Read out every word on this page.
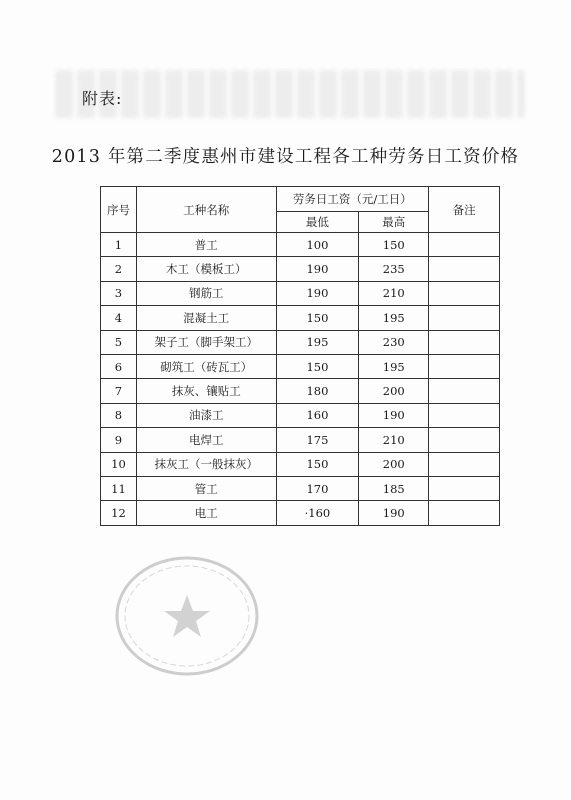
附表:
2013 年第二季度惠州市建设工程各工种劳务日工资价格
序号	工种名称	劳务日工资（元/工日）		备注
		最低	最高	
1	普工	100	150	
2	木工（模板工）	190	235	
3	钢筋工	190	210	
4	混凝土工	150	195	
5	架子工（脚手架工）	195	230	
6	砌筑工（砖瓦工）	150	195	
7	抹灰、镶贴工	180	200	
8	油漆工	160	190	
9	电焊工	175	210	
10	抹灰工（一般抹灰）	150	200	
11	管工	170	185	
12	电工	·160	190	
